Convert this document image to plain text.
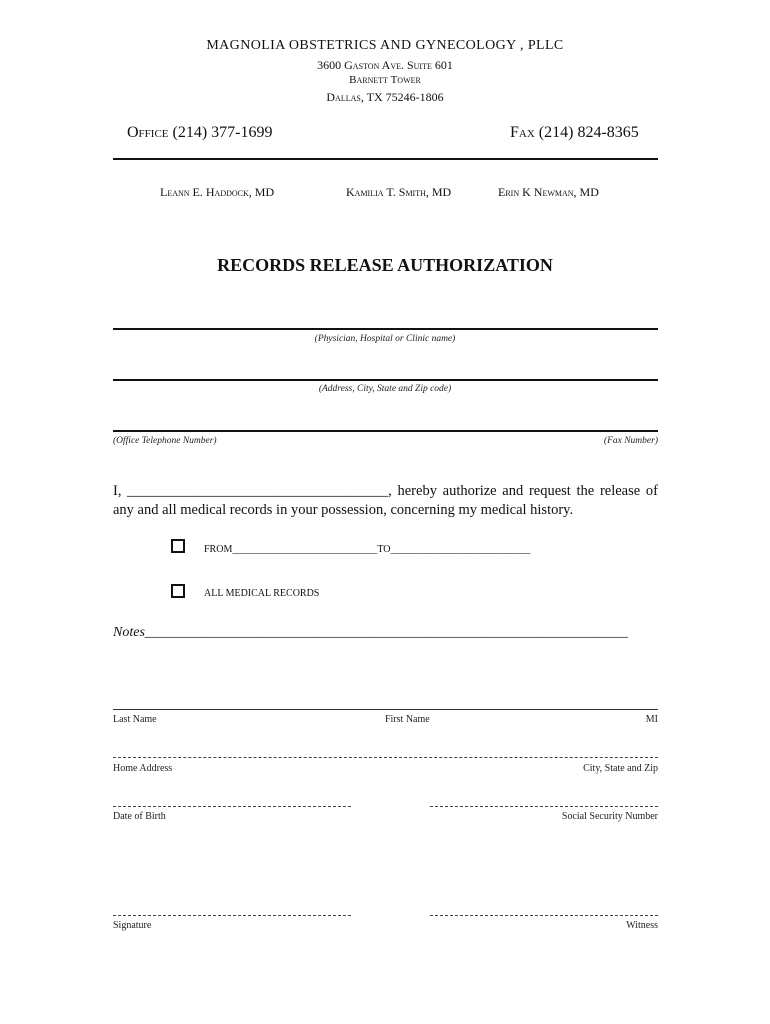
MAGNOLIA OBSTETRICS AND GYNECOLOGY , PLLC
3600 Gaston Ave. Suite 601
Barnett Tower
Dallas, TX 75246-1806
Office (214) 377-1699	Fax (214) 824-8365
Leann E. Haddock, MD	Kamilia T. Smith, MD	Erin K Newman, MD
RECORDS RELEASE AUTHORIZATION
(Physician, Hospital or Clinic name)
(Address, City, State and Zip code)
(Office Telephone Number)	(Fax Number)
I, ____________________________________, hereby authorize and request the release of any and all medical records in your possession, concerning my medical history.
FROM_____________________________TO____________________________
ALL MEDICAL RECORDS
Notes_____________________________________________________________________
Last Name	First Name	MI
Home Address	City, State and Zip
Date of Birth	Social Security Number
Signature	Witness
